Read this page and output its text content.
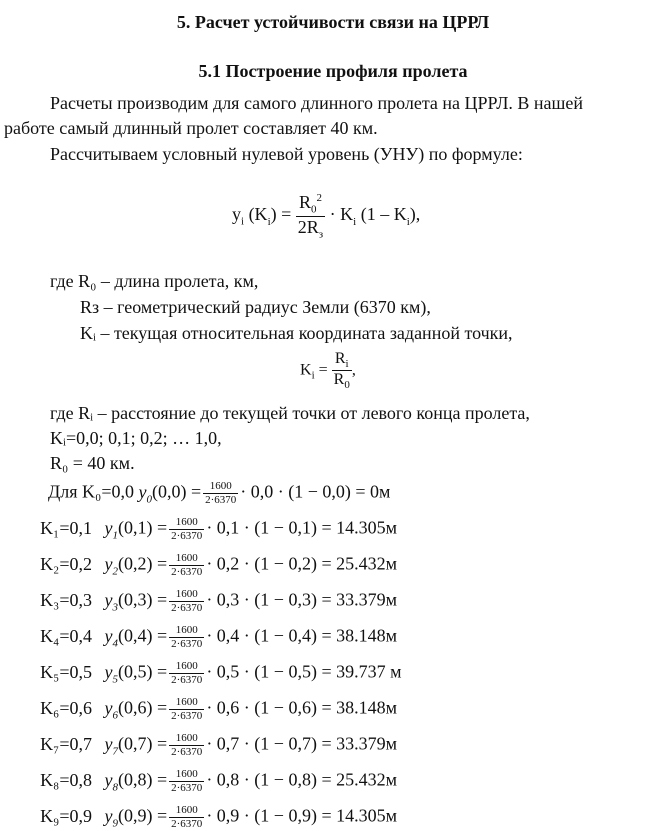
5. Расчет устойчивости связи на ЦРРЛ
5.1 Построение профиля пролета
Расчеты производим для самого длинного пролета на ЦРРЛ. В нашей
работе самый длинный пролет составляет 40 км.
Рассчитываем условный нулевой уровень (УНУ) по формуле:
$y_i$ $(K_i) = \frac{R_0^2}{2R_з} \cdot K_i$ $(1 - K_i)$,
где R₀ – длина пролета, км,
Rз – геометрический радиус Земли (6370 км),
Kᵢ – текущая относительная координата заданной точки,
$K_i = \frac{R_i}{R_0}$ ,
где Rᵢ – расстояние до текущей точки от левого конца пролета,
Kᵢ=0,0; 0,1; 0,2; … 1,0,
R₀ = 40 км.
Для K₀=0,0 $y_0(0,0) = \frac{1600}{2\cdot 6370} \cdot 0,0 \cdot (1 - 0,0) = 0м$
K₁=0,1 $y_1(0,1) = \frac{1600}{2\cdot 6370} \cdot 0,1 \cdot (1 - 0,1) = 14.305м$
K₂=0,2 $y_2(0,2) = \frac{1600}{2\cdot 6370} \cdot 0,2 \cdot (1 - 0,2) = 25.432м$
K₃=0,3 $y_3(0,3) = \frac{1600}{2\cdot 6370} \cdot 0,3 \cdot (1 - 0,3) = 33.379м$
K₄=0,4 $y_4(0,4) = \frac{1600}{2\cdot 6370} \cdot 0,4 \cdot (1 - 0,4) = 38.148м$
K₅=0,5 $y_5(0,5) = \frac{1600}{2\cdot 6370} \cdot 0,5 \cdot (1 - 0,5) = 39.737$ м
K₆=0,6 $y_6(0,6) = \frac{1600}{2\cdot 6370} \cdot 0,6 \cdot (1 - 0,6) = 38.148м$
K₇=0,7 $y_7(0,7) = \frac{1600}{2\cdot 6370} \cdot 0,7 \cdot (1 - 0,7) = 33.379м$
K₈=0,8 $y_8(0,8) = \frac{1600}{2\cdot 6370} \cdot 0,8 \cdot (1 - 0,8) = 25.432м$
K₉=0,9 $y_9(0,9) = \frac{1600}{2\cdot 6370} \cdot 0,9 \cdot (1 - 0,9) = 14.305м$
